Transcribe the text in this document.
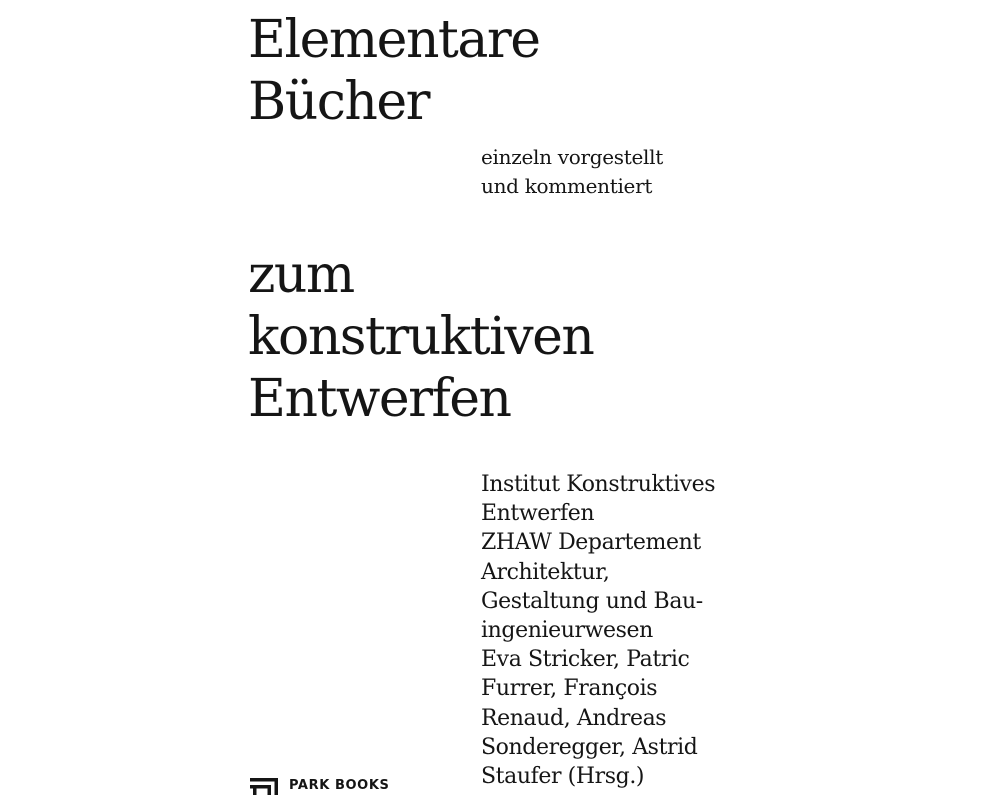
Elementare
Bücher

einzeln vorgestellt
und kommentiert

zum
konstruktiven
Entwerfen

Institut Konstruktives
Entwerfen
ZHAW Departement
Architektur,
Gestaltung und Bau-
ingenieurwesen
Eva Stricker, Patric
Furrer, François
Renaud, Andreas
Sonderegger, Astrid
Staufer (Hrsg.)

PARK BOOKS
